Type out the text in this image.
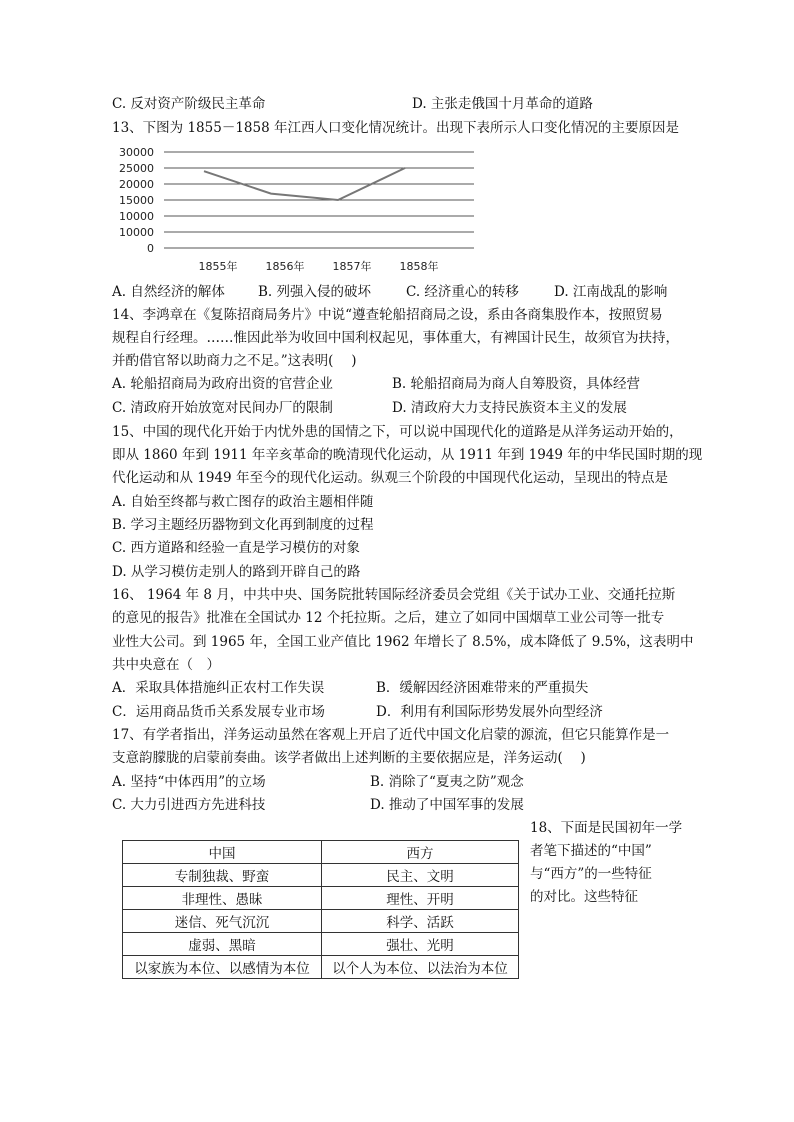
C. 反对资产阶级民主革命	D. 主张走俄国十月革命的道路
13、下图为 1855－1858 年江西人口变化情况统计。出现下表所示人口变化情况的主要原因是
30000
25000
20000
15000
10000
10000
0
1855年	1856年	1857年	1858年
A. 自然经济的解体 B. 列强入侵的破坏	C. 经济重心的转移	D. 江南战乱的影响
14、李鸿章在《复陈招商局务片》中说“遵查轮船招商局之设，系由各商集股作本，按照贸易
规程自行经理。……惟因此举为收回中国利权起见，事体重大，有裨国计民生，故须官为扶持，
并酌借官帑以助商力之不足。”这表明(　 )
A. 轮船招商局为政府出资的官营企业	B. 轮船招商局为商人自筹股资，具体经营
C. 清政府开始放宽对民间办厂的限制	D. 清政府大力支持民族资本主义的发展
15、中国的现代化开始于内忧外患的国情之下，可以说中国现代化的道路是从洋务运动开始的，
即从 1860 年到 1911 年辛亥革命的晚清现代化运动，从 1911 年到 1949 年的中华民国时期的现
代化运动和从 1949 年至今的现代化运动。纵观三个阶段的中国现代化运动，呈现出的特点是
A. 自始至终都与救亡图存的政治主题相伴随
B. 学习主题经历器物到文化再到制度的过程
C. 西方道路和经验一直是学习模仿的对象
D. 从学习模仿走别人的路到开辟自己的路
16、 1964 年 8 月，中共中央、国务院批转国际经济委员会党组《关于试办工业、交通托拉斯
的意见的报告》批准在全国试办 12 个托拉斯。之后，建立了如同中国烟草工业公司等一批专
业性大公司。到 1965 年，全国工业产值比 1962 年增长了 8.5%，成本降低了 9.5%，这表明中
共中央意在（　）
A．采取具体措施纠正农村工作失误	B．缓解因经济困难带来的严重损失
C．运用商品货币关系发展专业市场	D．利用有利国际形势发展外向型经济
17、有学者指出，洋务运动虽然在客观上开启了近代中国文化启蒙的源流，但它只能算作是一
支意韵朦胧的启蒙前奏曲。该学者做出上述判断的主要依据应是，洋务运动(　 )
A. 坚持“中体西用”的立场	B. 消除了“夏夷之防”观念
C. 大力引进西方先进科技	D. 推动了中国军事的发展
18、下面是民国初年一学
者笔下描述的“中国”
与“西方”的一些特征
的对比。这些特征
中国	西方
专制独裁、野蛮	民主、文明
非理性、愚昧	理性、开明
迷信、死气沉沉	科学、活跃
虚弱、黑暗	强壮、光明
以家族为本位、以感情为本位	以个人为本位、以法治为本位
